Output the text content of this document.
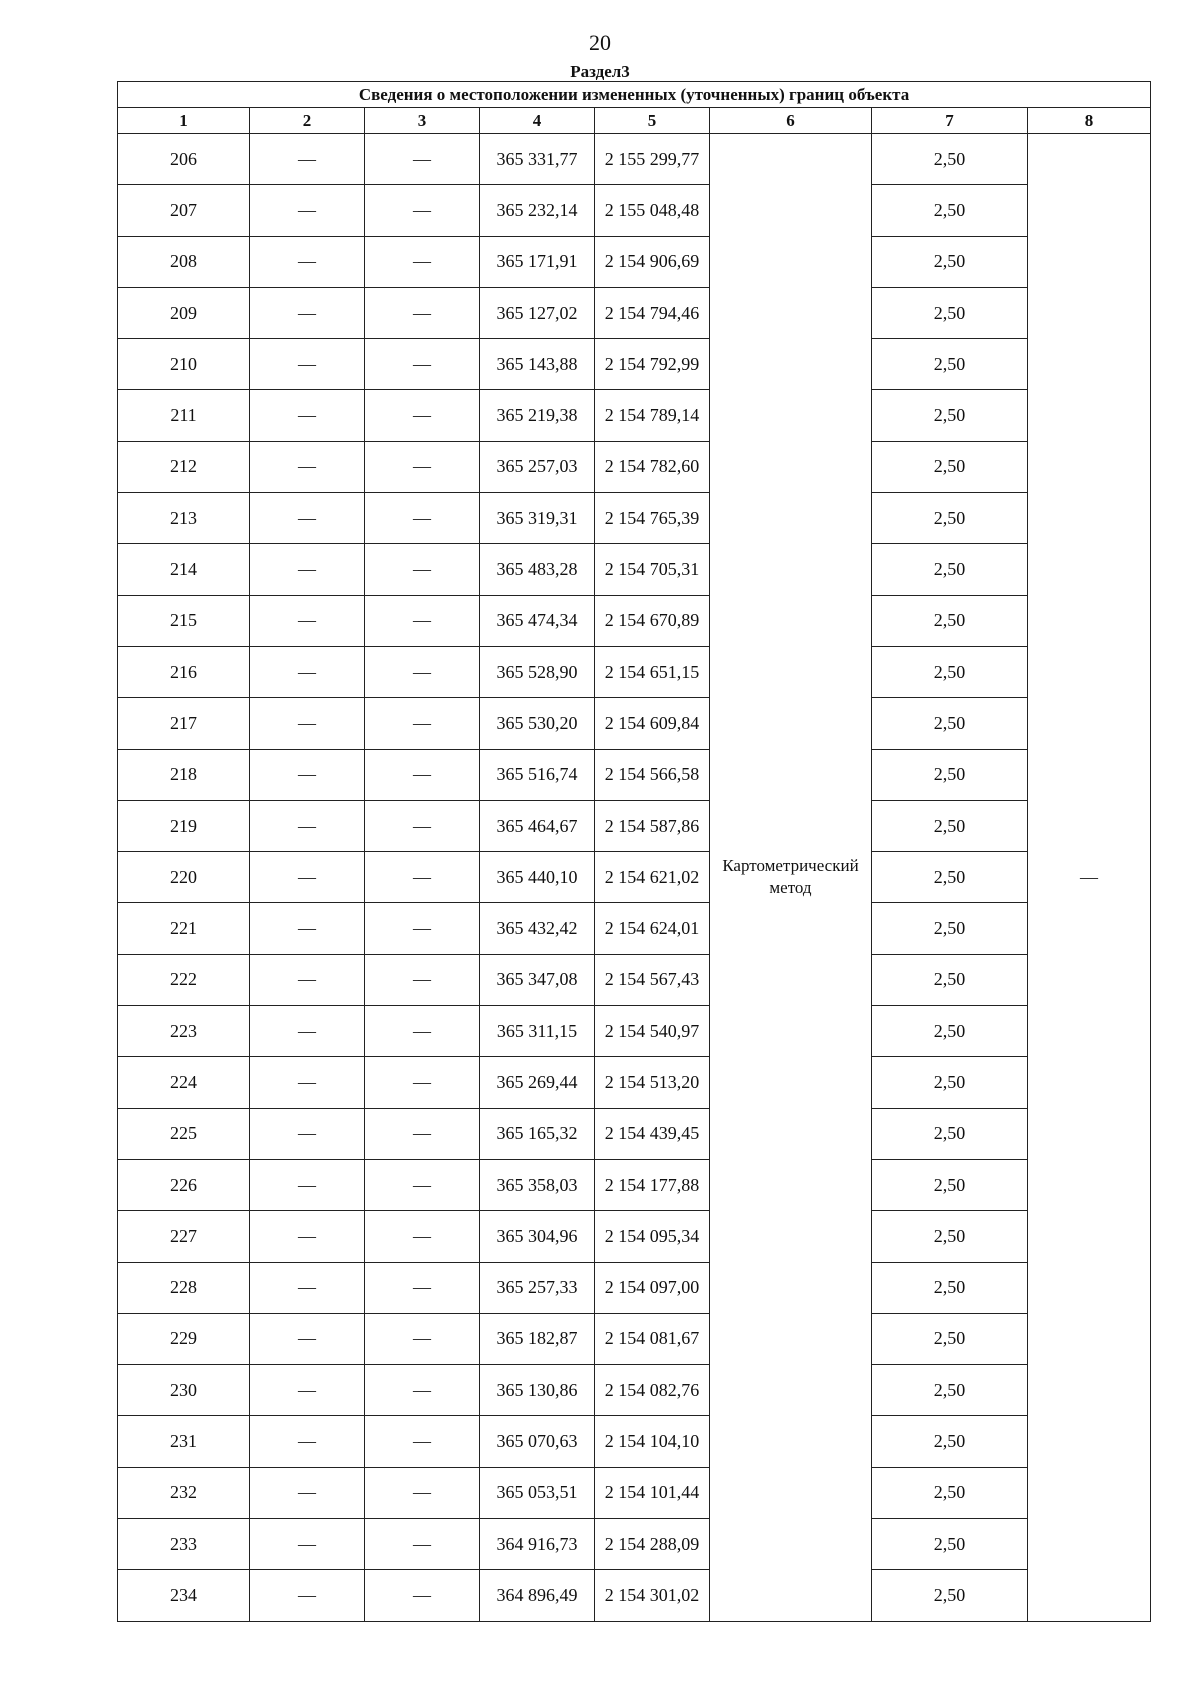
20
Раздел3
Сведения о местоположении измененных (уточненных) границ объекта							
1	2	3	4	5	6	7	8
206	—	—	365 331,77	2 155 299,77	Картометрический метод	2,50	—
207	—	—	365 232,14	2 155 048,48		2,50	
208	—	—	365 171,91	2 154 906,69		2,50	
209	—	—	365 127,02	2 154 794,46		2,50	
210	—	—	365 143,88	2 154 792,99		2,50	
211	—	—	365 219,38	2 154 789,14		2,50	
212	—	—	365 257,03	2 154 782,60		2,50	
213	—	—	365 319,31	2 154 765,39		2,50	
214	—	—	365 483,28	2 154 705,31		2,50	
215	—	—	365 474,34	2 154 670,89		2,50	
216	—	—	365 528,90	2 154 651,15		2,50	
217	—	—	365 530,20	2 154 609,84		2,50	
218	—	—	365 516,74	2 154 566,58		2,50	
219	—	—	365 464,67	2 154 587,86		2,50	
220	—	—	365 440,10	2 154 621,02		2,50	
221	—	—	365 432,42	2 154 624,01		2,50	
222	—	—	365 347,08	2 154 567,43		2,50	
223	—	—	365 311,15	2 154 540,97		2,50	
224	—	—	365 269,44	2 154 513,20		2,50	
225	—	—	365 165,32	2 154 439,45		2,50	
226	—	—	365 358,03	2 154 177,88		2,50	
227	—	—	365 304,96	2 154 095,34		2,50	
228	—	—	365 257,33	2 154 097,00		2,50	
229	—	—	365 182,87	2 154 081,67		2,50	
230	—	—	365 130,86	2 154 082,76		2,50	
231	—	—	365 070,63	2 154 104,10		2,50	
232	—	—	365 053,51	2 154 101,44		2,50	
233	—	—	364 916,73	2 154 288,09		2,50	
234	—	—	364 896,49	2 154 301,02		2,50	
